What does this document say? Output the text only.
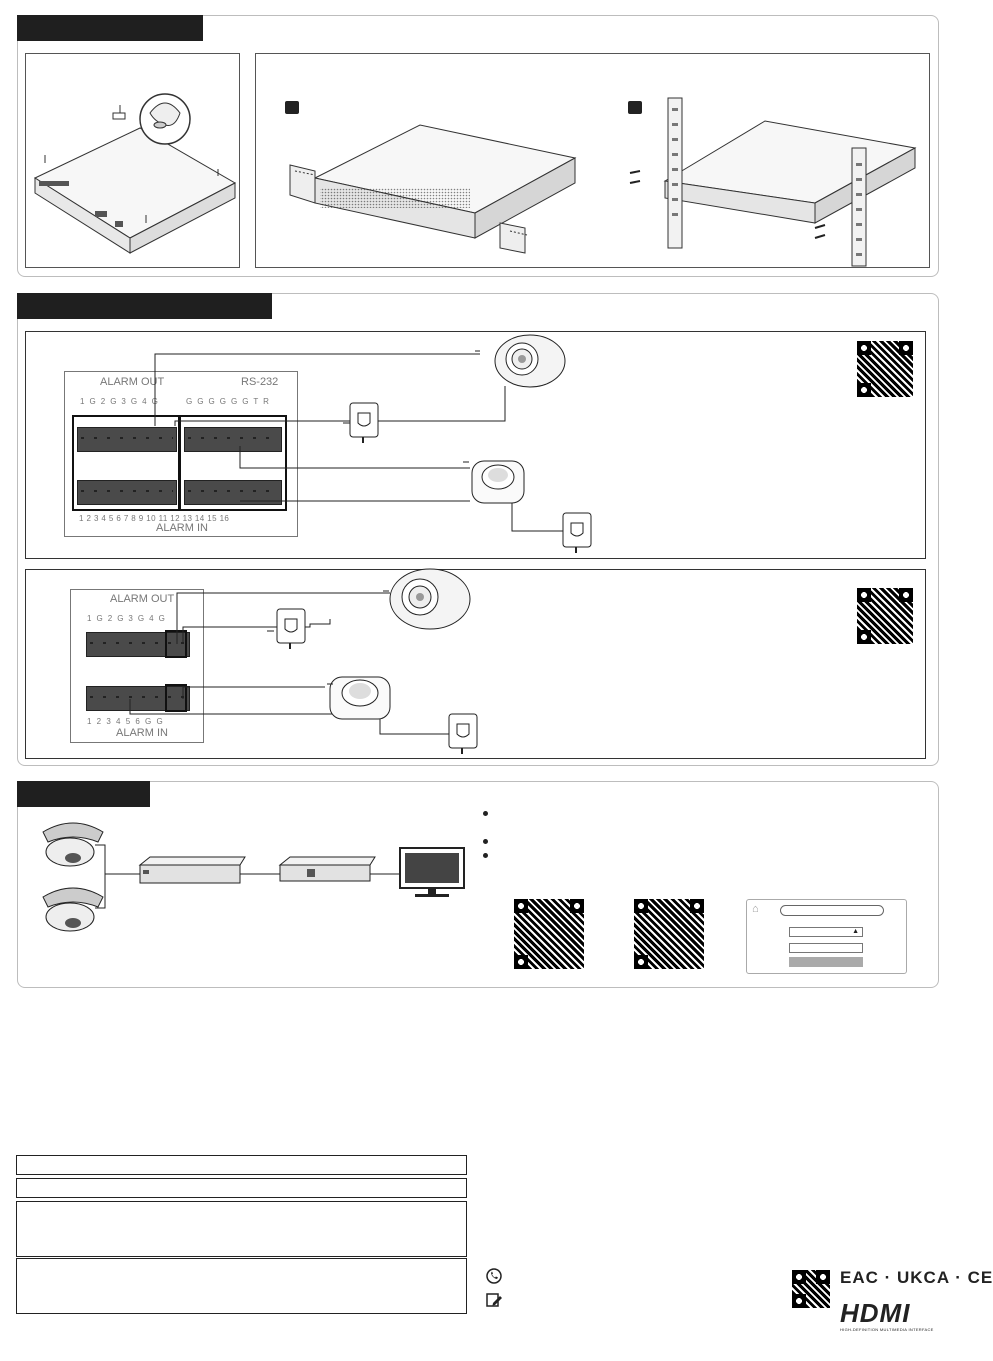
ALARM OUT	RS-232
1 G 2 G 3 G 4 G	G G G G G G T R
1 2 3 4 5 6 7 8 9 10 11 12 13 14 15 16
ALARM IN
ALARM OUT
1 G 2 G 3 G 4 G
1 2 3 4 5 6 G G
ALARM IN
⌂
▲
EAC · UKCA · CE
HDMI
HIGH-DEFINITION MULTIMEDIA INTERFACE
